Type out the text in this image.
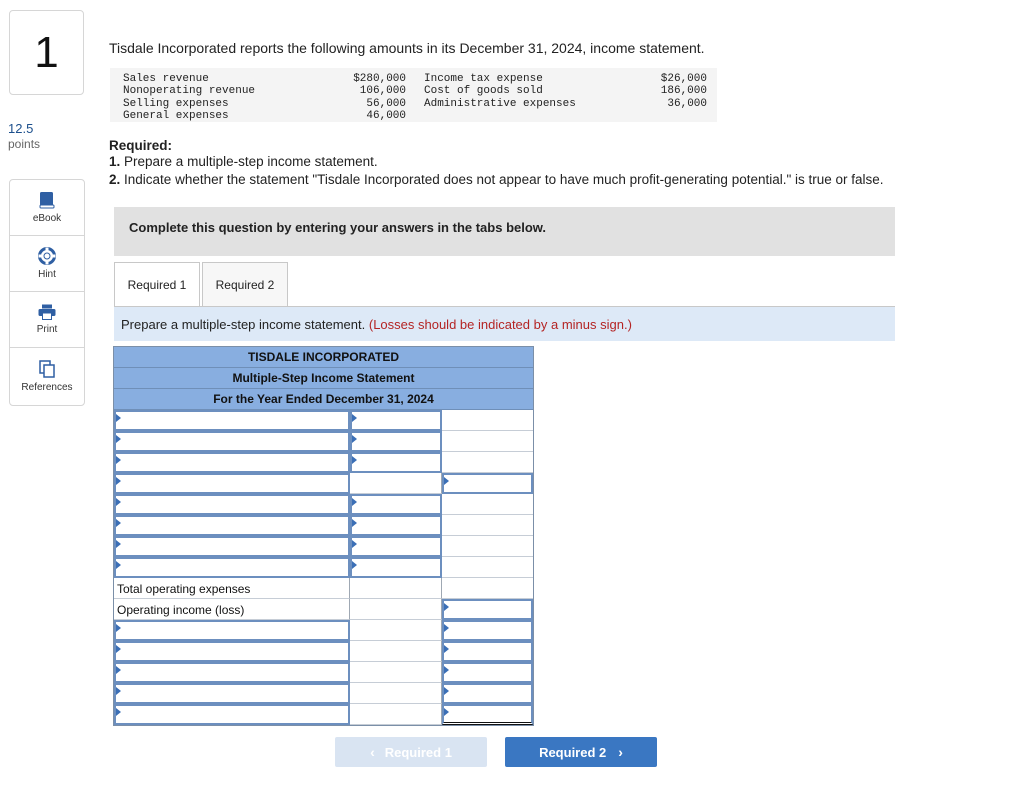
1
12.5
points
eBook
Hint
Print
References
Tisdale Incorporated reports the following amounts in its December 31, 2024, income statement.
Sales revenue
Nonoperating revenue
Selling expenses
General expenses
$280,000
106,000
56,000
46,000
Income tax expense
Cost of goods sold
Administrative expenses
$26,000
186,000
36,000
Required:
1. Prepare a multiple-step income statement.
2. Indicate whether the statement "Tisdale Incorporated does not appear to have much profit-generating potential." is true or false.
Complete this question by entering your answers in the tabs below.
Required 1 Required 2
Prepare a multiple-step income statement. (Losses should be indicated by a minus sign.)
TISDALE INCORPORATED
Multiple-Step Income Statement
For the Year Ended December 31, 2024
Total operating expenses
Operating income (loss)
‹ Required 1	Required 2 ›
